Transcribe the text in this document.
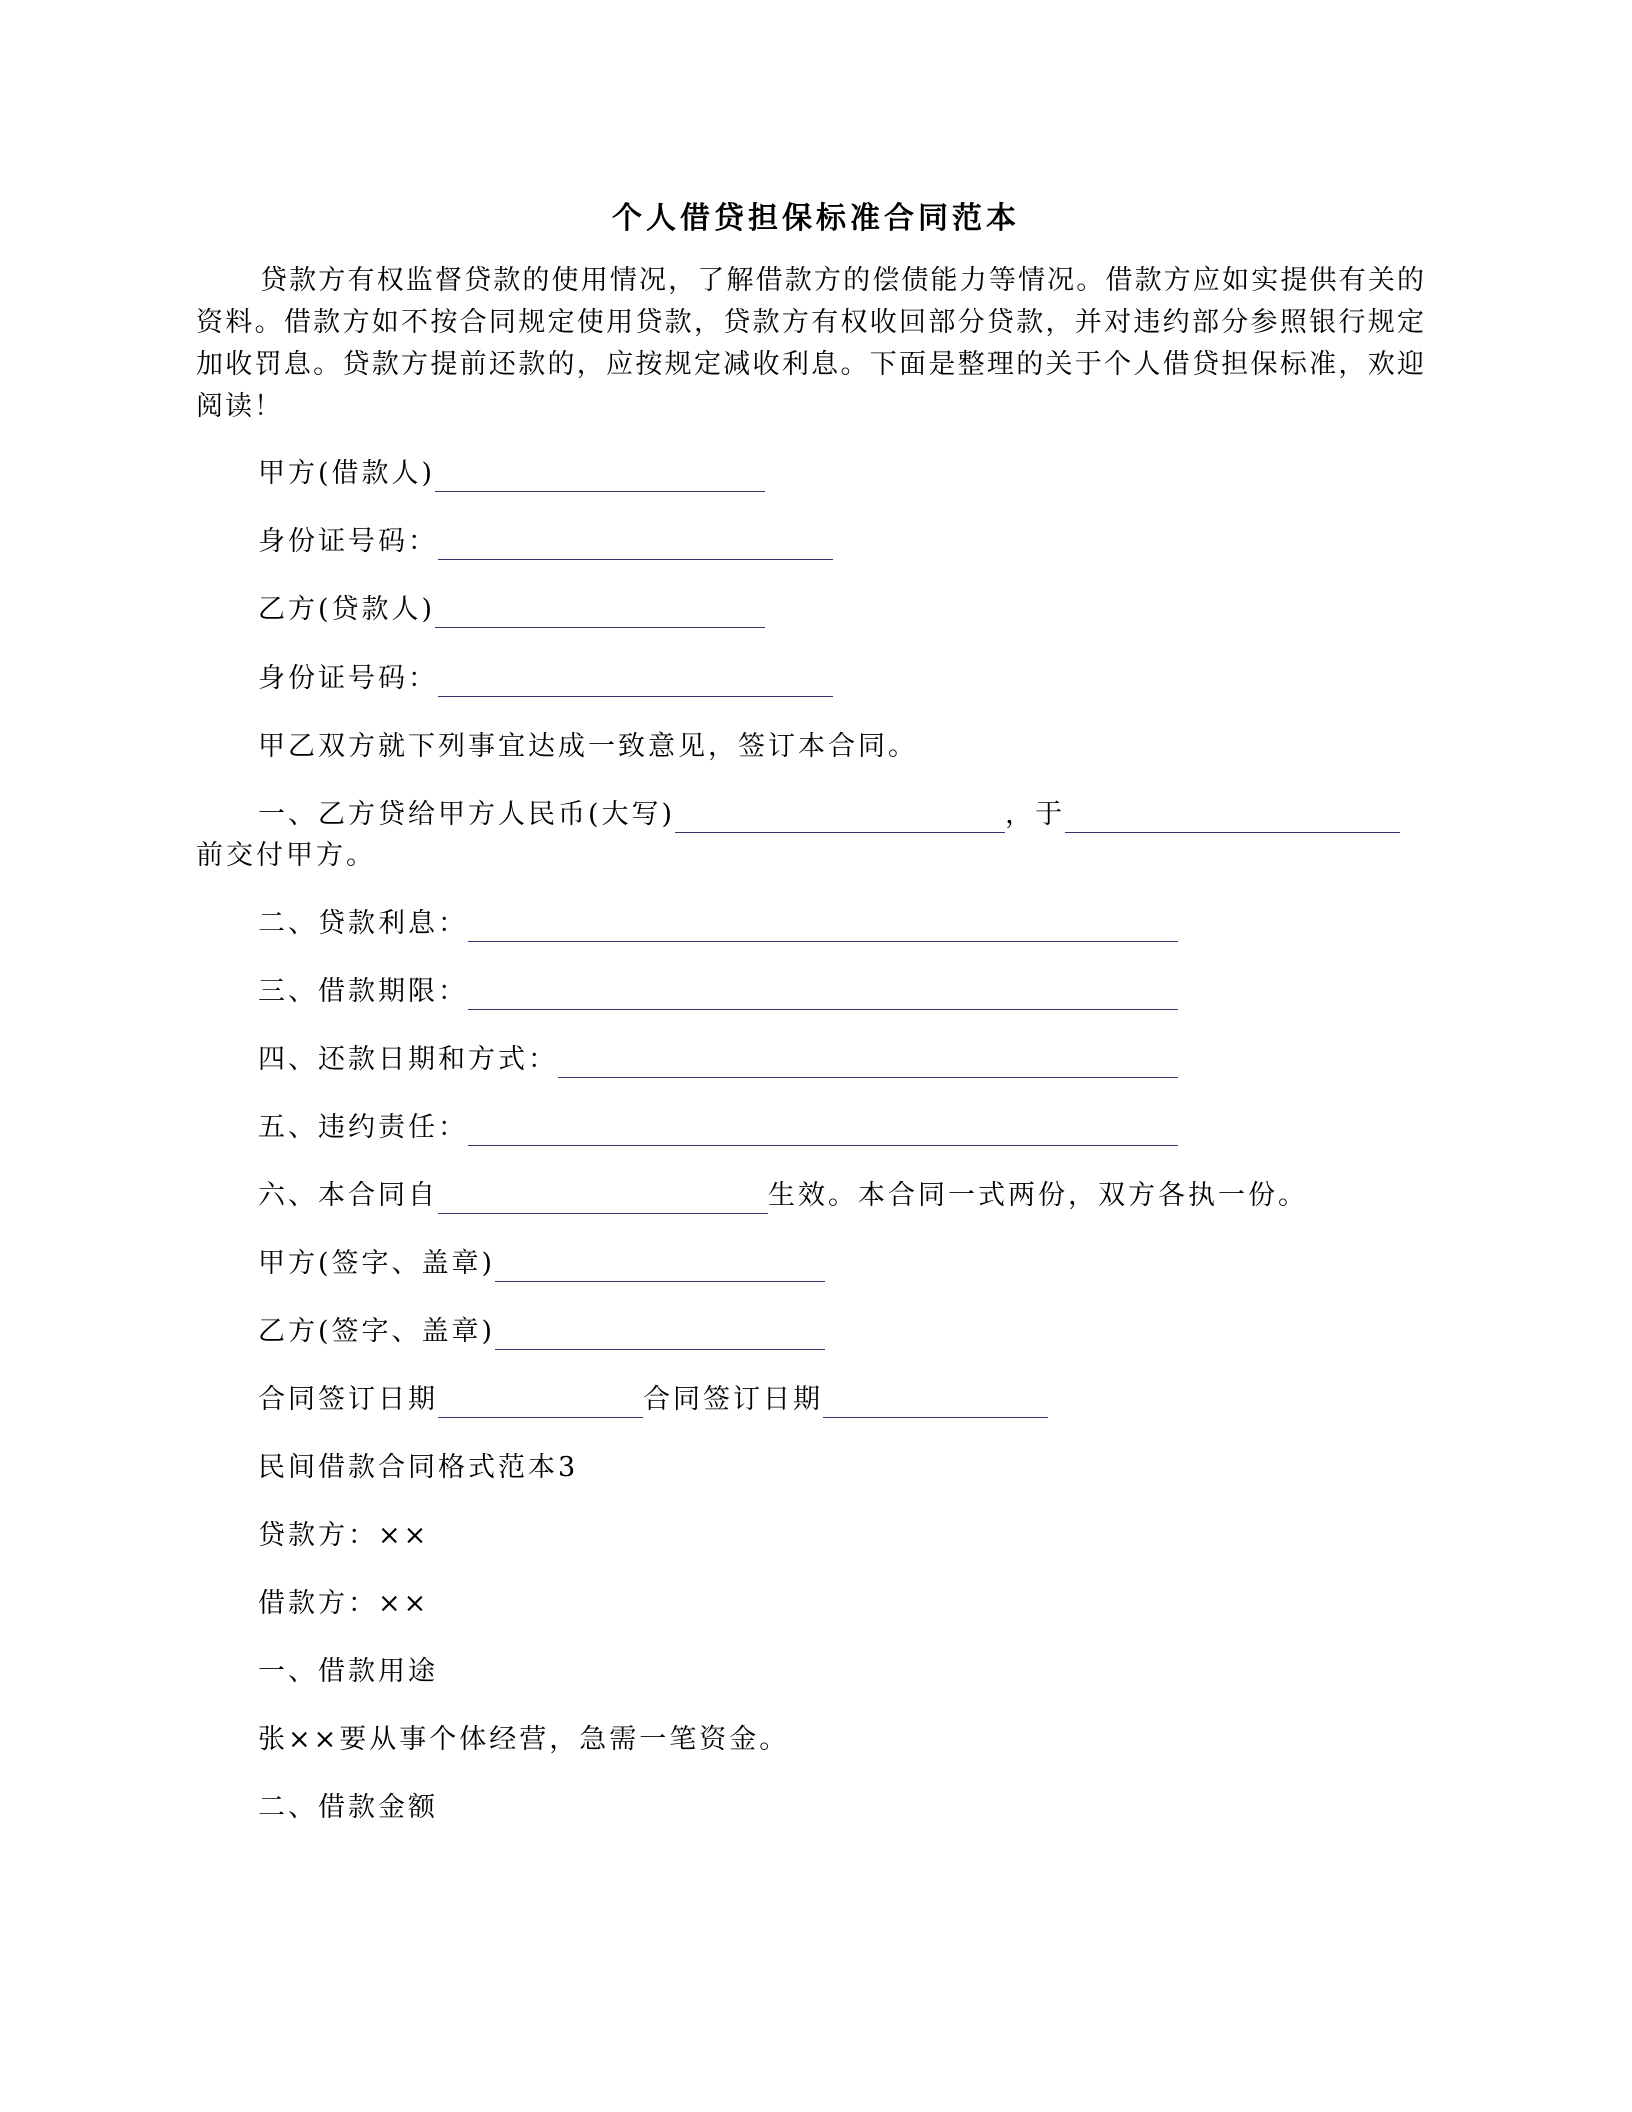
个人借贷担保标准合同范本
贷款方有权监督贷款的使用情况，了解借款方的偿债能力等情况。借款方应如实提供有关的资料。借款方如不按合同规定使用贷款，贷款方有权收回部分贷款，并对违约部分参照银行规定加收罚息。贷款方提前还款的，应按规定减收利息。下面是整理的关于个人借贷担保标准，欢迎阅读！
甲方(借款人)
身份证号码：
乙方(贷款人)
身份证号码：
甲乙双方就下列事宜达成一致意见，签订本合同。
一、乙方贷给甲方人民币(大写)	，于
前交付甲方。
二、贷款利息：
三、借款期限：
四、还款日期和方式：
五、违约责任：
六、本合同自	生效。本合同一式两份，双方各执一份。
甲方(签字、盖章)
乙方(签字、盖章)
合同签订日期	合同签订日期
民间借款合同格式范本3
贷款方：××
借款方：××
一、借款用途
张××要从事个体经营，急需一笔资金。
二、借款金额
